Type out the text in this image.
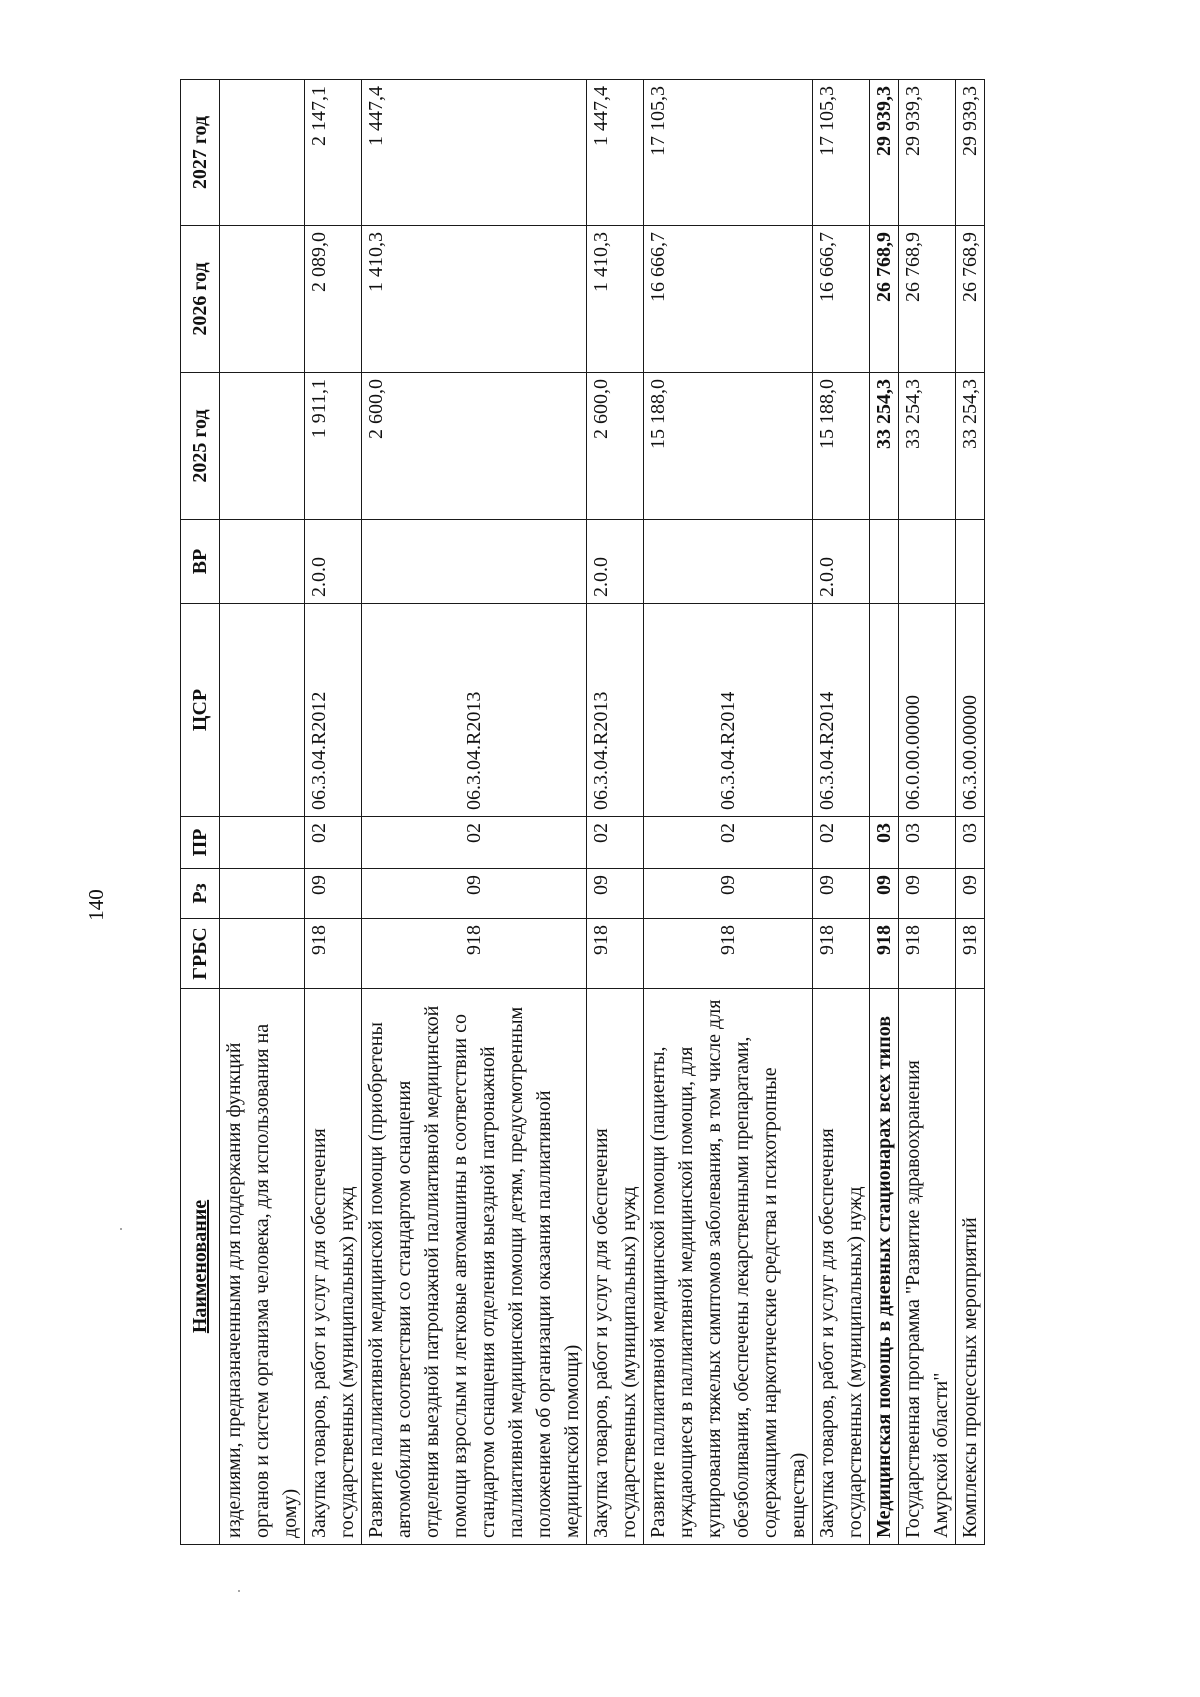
140
Наименование	ГРБС	Рз	ПР	ЦСР	ВР	2025 год	2026 год	2027 год
изделиями, предназначенными для поддержания функций органов и систем организма человека, для использования на дому)								
Закупка товаров, работ и услуг для обеспечения государственных (муниципальных) нужд	918	09	02	06.3.04.R2012	2.0.0	1 911,1	2 089,0	2 147,1
Развитие паллиативной медицинской помощи (приобретены автомобили в соответствии со стандартом оснащения отделения выездной патронажной паллиативной медицинской помощи взрослым и легковые автомашины в соответствии со стандартом оснащения отделения выездной патронажной паллиативной медицинской помощи детям, предусмотренным положением об организации оказания паллиативной медицинской помощи)	918	09	02	06.3.04.R2013		2 600,0	1 410,3	1 447,4
Закупка товаров, работ и услуг для обеспечения государственных (муниципальных) нужд	918	09	02	06.3.04.R2013	2.0.0	2 600,0	1 410,3	1 447,4
Развитие паллиативной медицинской помощи (пациенты, нуждающиеся в паллиативной медицинской помощи, для купирования тяжелых симптомов заболевания, в том числе для обезболивания, обеспечены лекарственными препаратами, содержащими наркотические средства и психотропные вещества)	918	09	02	06.3.04.R2014		15 188,0	16 666,7	17 105,3
Закупка товаров, работ и услуг для обеспечения государственных (муниципальных) нужд	918	09	02	06.3.04.R2014	2.0.0	15 188,0	16 666,7	17 105,3
Медицинская помощь в дневных стационарах всех типов	918	09	03			33 254,3	26 768,9	29 939,3
Государственная программа "Развитие здравоохранения Амурской области"	918	09	03	06.0.00.00000		33 254,3	26 768,9	29 939,3
Комплексы процессных мероприятий	918	09	03	06.3.00.00000		33 254,3	26 768,9	29 939,3
